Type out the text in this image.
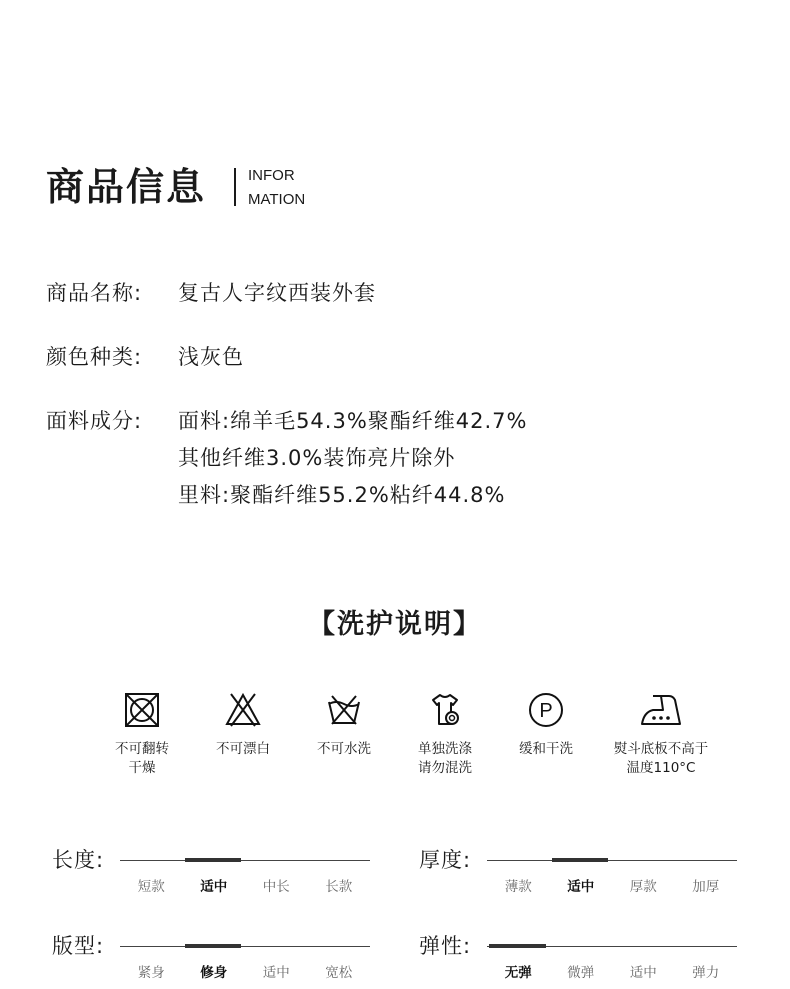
商品信息	INFOR
MATION
商品名称: 复古人字纹西装外套
颜色种类: 浅灰色
面料成分: 面料:绵羊毛54.3%聚酯纤维42.7%
其他纤维3.0%装饰亮片除外
里料:聚酯纤维55.2%粘纤44.8%
【洗护说明】
不可翻转
干燥
不可漂白	不可水洗	单独洗涤
请勿混洗
P
缓和干洗	熨斗底板不高于
温度110°C
长度:
短款	适中	中长	长款
厚度:
薄款	适中	厚款	加厚
版型:
紧身	修身	适中	宽松
弹性:
无弹	微弹	适中	弹力
